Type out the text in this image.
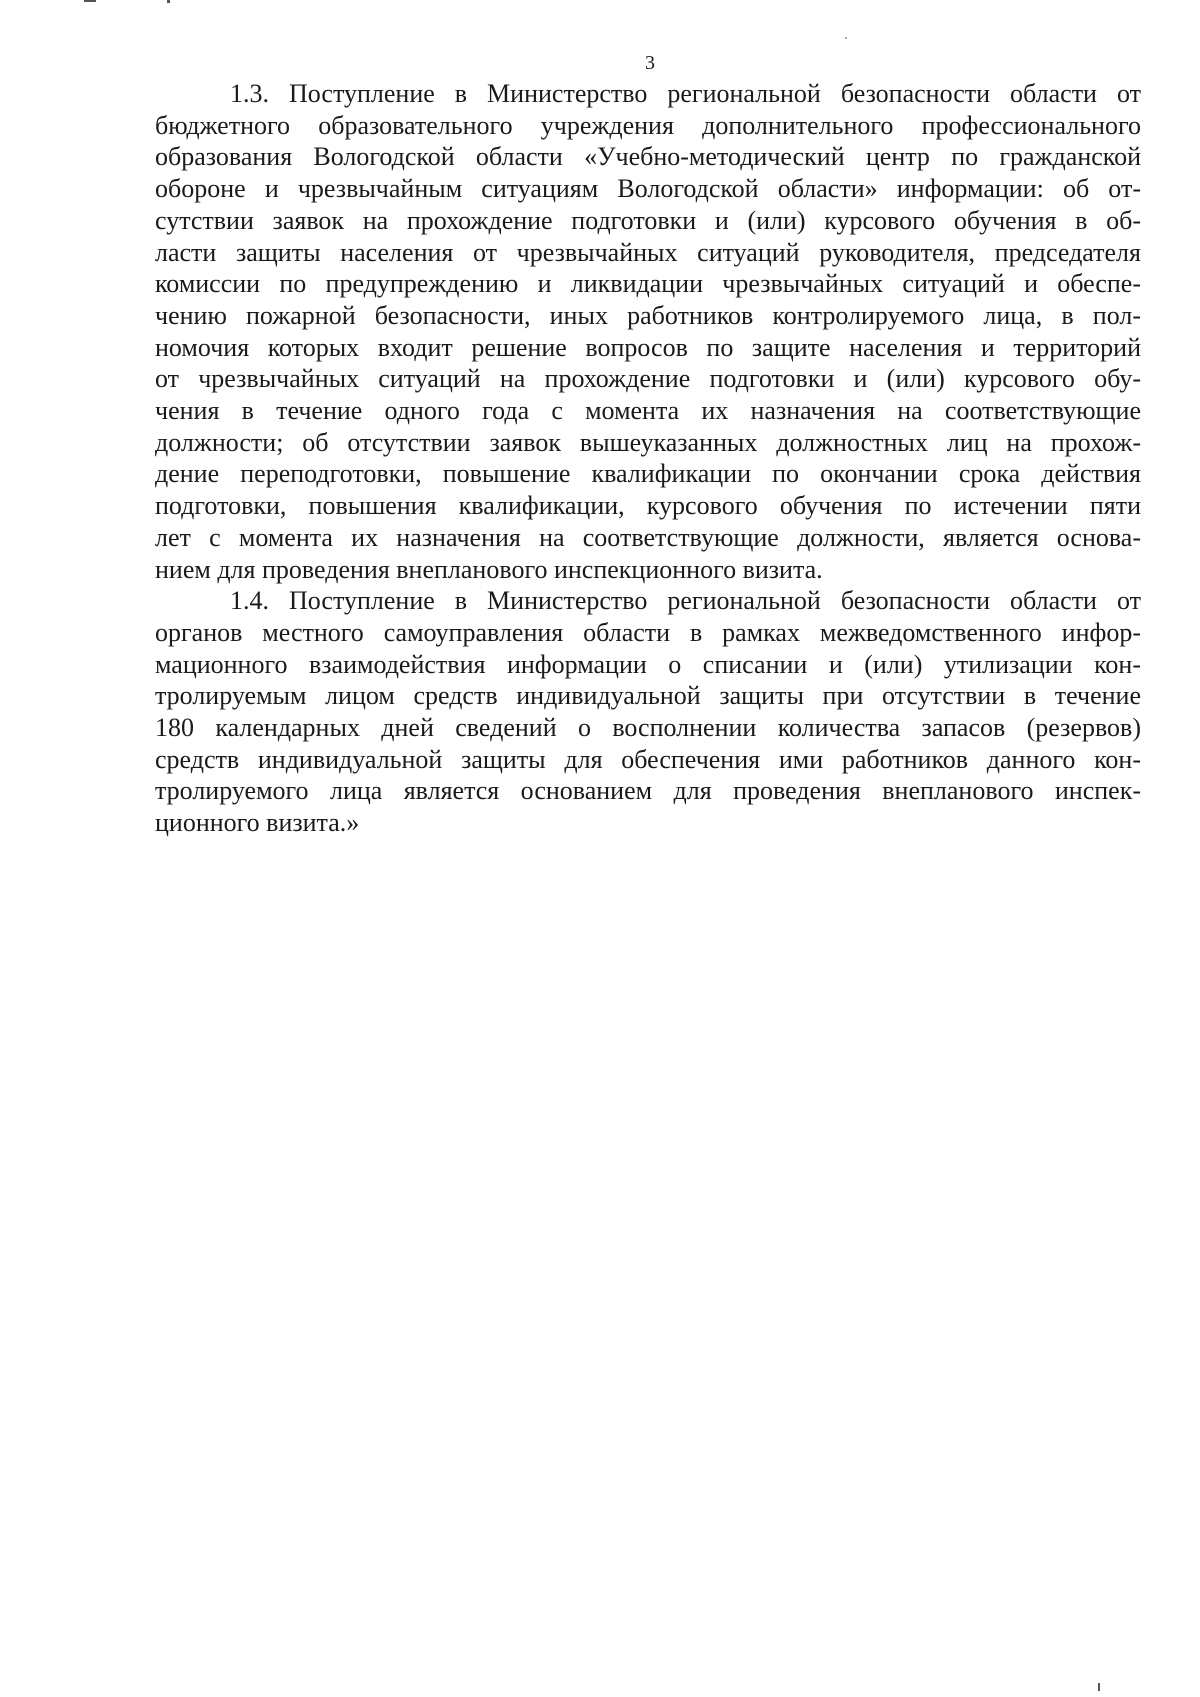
3

1.3. Поступление в Министерство региональной безопасности области от
бюджетного образовательного учреждения дополнительного профессионального
образования Вологодской области «Учебно-методический центр по гражданской
обороне и чрезвычайным ситуациям Вологодской области» информации: об от-
сутствии заявок на прохождение подготовки и (или) курсового обучения в об-
ласти защиты населения от чрезвычайных ситуаций руководителя, председателя
комиссии по предупреждению и ликвидации чрезвычайных ситуаций и обеспе-
чению пожарной безопасности, иных работников контролируемого лица, в пол-
номочия которых входит решение вопросов по защите населения и территорий
от чрезвычайных ситуаций на прохождение подготовки и (или) курсового обу-
чения в течение одного года с момента их назначения на соответствующие
должности; об отсутствии заявок вышеуказанных должностных лиц на прохож-
дение переподготовки, повышение квалификации по окончании срока действия
подготовки, повышения квалификации, курсового обучения по истечении пяти
лет с момента их назначения на соответствующие должности, является основа-
нием для проведения внепланового инспекционного визита.

1.4. Поступление в Министерство региональной безопасности области от
органов местного самоуправления области в рамках межведомственного инфор-
мационного взаимодействия информации о списании и (или) утилизации кон-
тролируемым лицом средств индивидуальной защиты при отсутствии в течение
180 календарных дней сведений о восполнении количества запасов (резервов)
средств индивидуальной защиты для обеспечения ими работников данного кон-
тролируемого лица является основанием для проведения внепланового инспек-
ционного визита.»
